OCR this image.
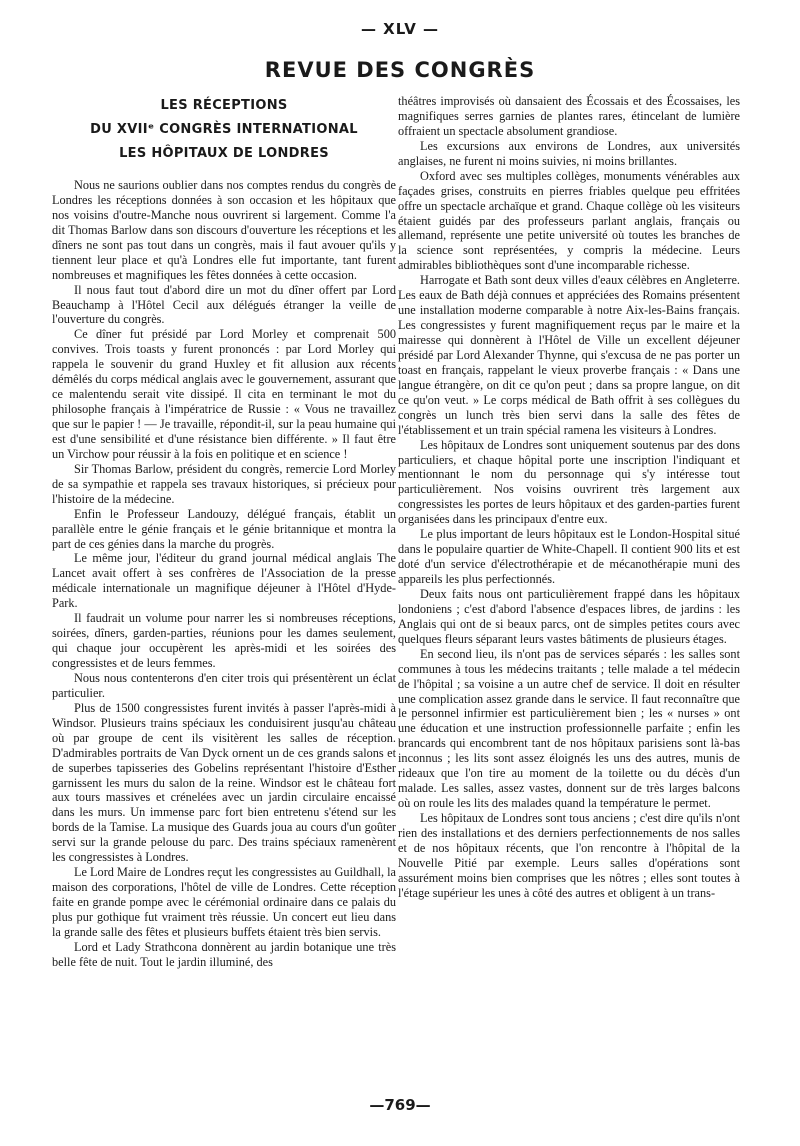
— XLV —
REVUE DES CONGRÈS
LES RÉCEPTIONS
DU XVIIᵉ CONGRÈS INTERNATIONAL
LES HÔPITAUX DE LONDRES

Nous ne saurions oublier dans nos comptes rendus du congrès de Londres les réceptions données à son occasion et les hôpitaux que nos voisins d'outre-Manche nous ouvrirent si largement. Comme l'a dit Thomas Barlow dans son discours d'ouverture les réceptions et les dîners ne sont pas tout dans un congrès, mais il faut avouer qu'ils y tiennent leur place et qu'à Londres elle fut importante, tant furent nombreuses et magnifiques les fêtes données à cette occasion.

Il nous faut tout d'abord dire un mot du dîner offert par Lord Beauchamp à l'Hôtel Cecil aux délégués étranger la veille de l'ouverture du congrès.

Ce dîner fut présidé par Lord Morley et comprenait 500 convives. Trois toasts y furent prononcés : par Lord Morley qui rappela le souvenir du grand Huxley et fit allusion aux récents démêlés du corps médical anglais avec le gouvernement, assurant que ce malentendu serait vite dissipé. Il cita en terminant le mot du philosophe français à l'impératrice de Russie : « Vous ne travaillez que sur le papier ! — Je travaille, répondit-il, sur la peau humaine qui est d'une sensibilité et d'une résistance bien différente. » Il faut être un Virchow pour réussir à la fois en politique et en science !

Sir Thomas Barlow, président du congrès, remercie Lord Morley de sa sympathie et rappela ses travaux historiques, si précieux pour l'histoire de la médecine.

Enfin le Professeur Landouzy, délégué français, établit un parallèle entre le génie français et le génie britannique et montra la part de ces génies dans la marche du progrès.

Le même jour, l'éditeur du grand journal médical anglais The Lancet avait offert à ses confrères de l'Association de la presse médicale internationale un magnifique déjeuner à l'Hôtel d'Hyde-Park.

Il faudrait un volume pour narrer les si nombreuses réceptions, soirées, dîners, garden-parties, réunions pour les dames seulement, qui chaque jour occupèrent les après-midi et les soirées des congressistes et de leurs femmes.

Nous nous contenterons d'en citer trois qui présentèrent un éclat particulier.

Plus de 1500 congressistes furent invités à passer l'après-midi à Windsor. Plusieurs trains spéciaux les conduisirent jusqu'au château où par groupe de cent ils visitèrent les salles de réception. D'admirables portraits de Van Dyck ornent un de ces grands salons et de superbes tapisseries des Gobelins représentant l'histoire d'Esther garnissent les murs du salon de la reine. Windsor est le château fort aux tours massives et crénelées avec un jardin circulaire encaissé dans les murs. Un immense parc fort bien entretenu s'étend sur les bords de la Tamise. La musique des Guards joua au cours d'un goûter servi sur la grande pelouse du parc. Des trains spéciaux ramenèrent les congressistes à Londres.

Le Lord Maire de Londres reçut les congressistes au Guildhall, la maison des corporations, l'hôtel de ville de Londres. Cette réception faite en grande pompe avec le cérémonial ordinaire dans ce palais du plus pur gothique fut vraiment très réussie. Un concert eut lieu dans la grande salle des fêtes et plusieurs buffets étaient très bien servis.

Lord et Lady Strathcona donnèrent au jardin botanique une très belle fête de nuit. Tout le jardin illuminé, des

théâtres improvisés où dansaient des Écossais et des Écossaises, les magnifiques serres garnies de plantes rares, étincelant de lumière offraient un spectacle absolument grandiose.

Les excursions aux environs de Londres, aux universités anglaises, ne furent ni moins suivies, ni moins brillantes.

Oxford avec ses multiples collèges, monuments vénérables aux façades grises, construits en pierres friables quelque peu effritées offre un spectacle archaïque et grand. Chaque collège où les visiteurs étaient guidés par des professeurs parlant anglais, français ou allemand, représente une petite université où toutes les branches de la science sont représentées, y compris la médecine. Leurs admirables bibliothèques sont d'une incomparable richesse.

Harrogate et Bath sont deux villes d'eaux célèbres en Angleterre. Les eaux de Bath déjà connues et appréciées des Romains présentent une installation moderne comparable à notre Aix-les-Bains français. Les congressistes y furent magnifiquement reçus par le maire et la mairesse qui donnèrent à l'Hôtel de Ville un excellent déjeuner présidé par Lord Alexander Thynne, qui s'excusa de ne pas porter un toast en français, rappelant le vieux proverbe français : « Dans une langue étrangère, on dit ce qu'on peut ; dans sa propre langue, on dit ce qu'on veut. » Le corps médical de Bath offrit à ses collègues du congrès un lunch très bien servi dans la salle des fêtes de l'établissement et un train spécial ramena les visiteurs à Londres.

Les hôpitaux de Londres sont uniquement soutenus par des dons particuliers, et chaque hôpital porte une inscription l'indiquant et mentionnant le nom du personnage qui s'y intéresse tout particulièrement. Nos voisins ouvrirent très largement aux congressistes les portes de leurs hôpitaux et des garden-parties furent organisées dans les principaux d'entre eux.

Le plus important de leurs hôpitaux est le London-Hospital situé dans le populaire quartier de White-Chapell. Il contient 900 lits et est doté d'un service d'électrothérapie et de mécanothérapie muni des appareils les plus perfectionnés.

Deux faits nous ont particulièrement frappé dans les hôpitaux londoniens ; c'est d'abord l'absence d'espaces libres, de jardins : les Anglais qui ont de si beaux parcs, ont de simples petites cours avec quelques fleurs séparant leurs vastes bâtiments de plusieurs étages.

En second lieu, ils n'ont pas de services séparés : les salles sont communes à tous les médecins traitants ; telle malade a tel médecin de l'hôpital ; sa voisine a un autre chef de service. Il doit en résulter une complication assez grande dans le service. Il faut reconnaître que le personnel infirmier est particulièrement bien ; les « nurses » ont une éducation et une instruction professionnelle parfaite ; enfin les brancards qui encombrent tant de nos hôpitaux parisiens sont là-bas inconnus ; les lits sont assez éloignés les uns des autres, munis de rideaux que l'on tire au moment de la toilette ou du décès d'un malade. Les salles, assez vastes, donnent sur de très larges balcons où on roule les lits des malades quand la température le permet.

Les hôpitaux de Londres sont tous anciens ; c'est dire qu'ils n'ont rien des installations et des derniers perfectionnements de nos salles et de nos hôpitaux récents, que l'on rencontre à l'hôpital de la Nouvelle Pitié par exemple. Leurs salles d'opérations sont assurément moins bien comprises que les nôtres ; elles sont toutes à l'étage supérieur les unes à côté des autres et obligent à un trans-

—769—
